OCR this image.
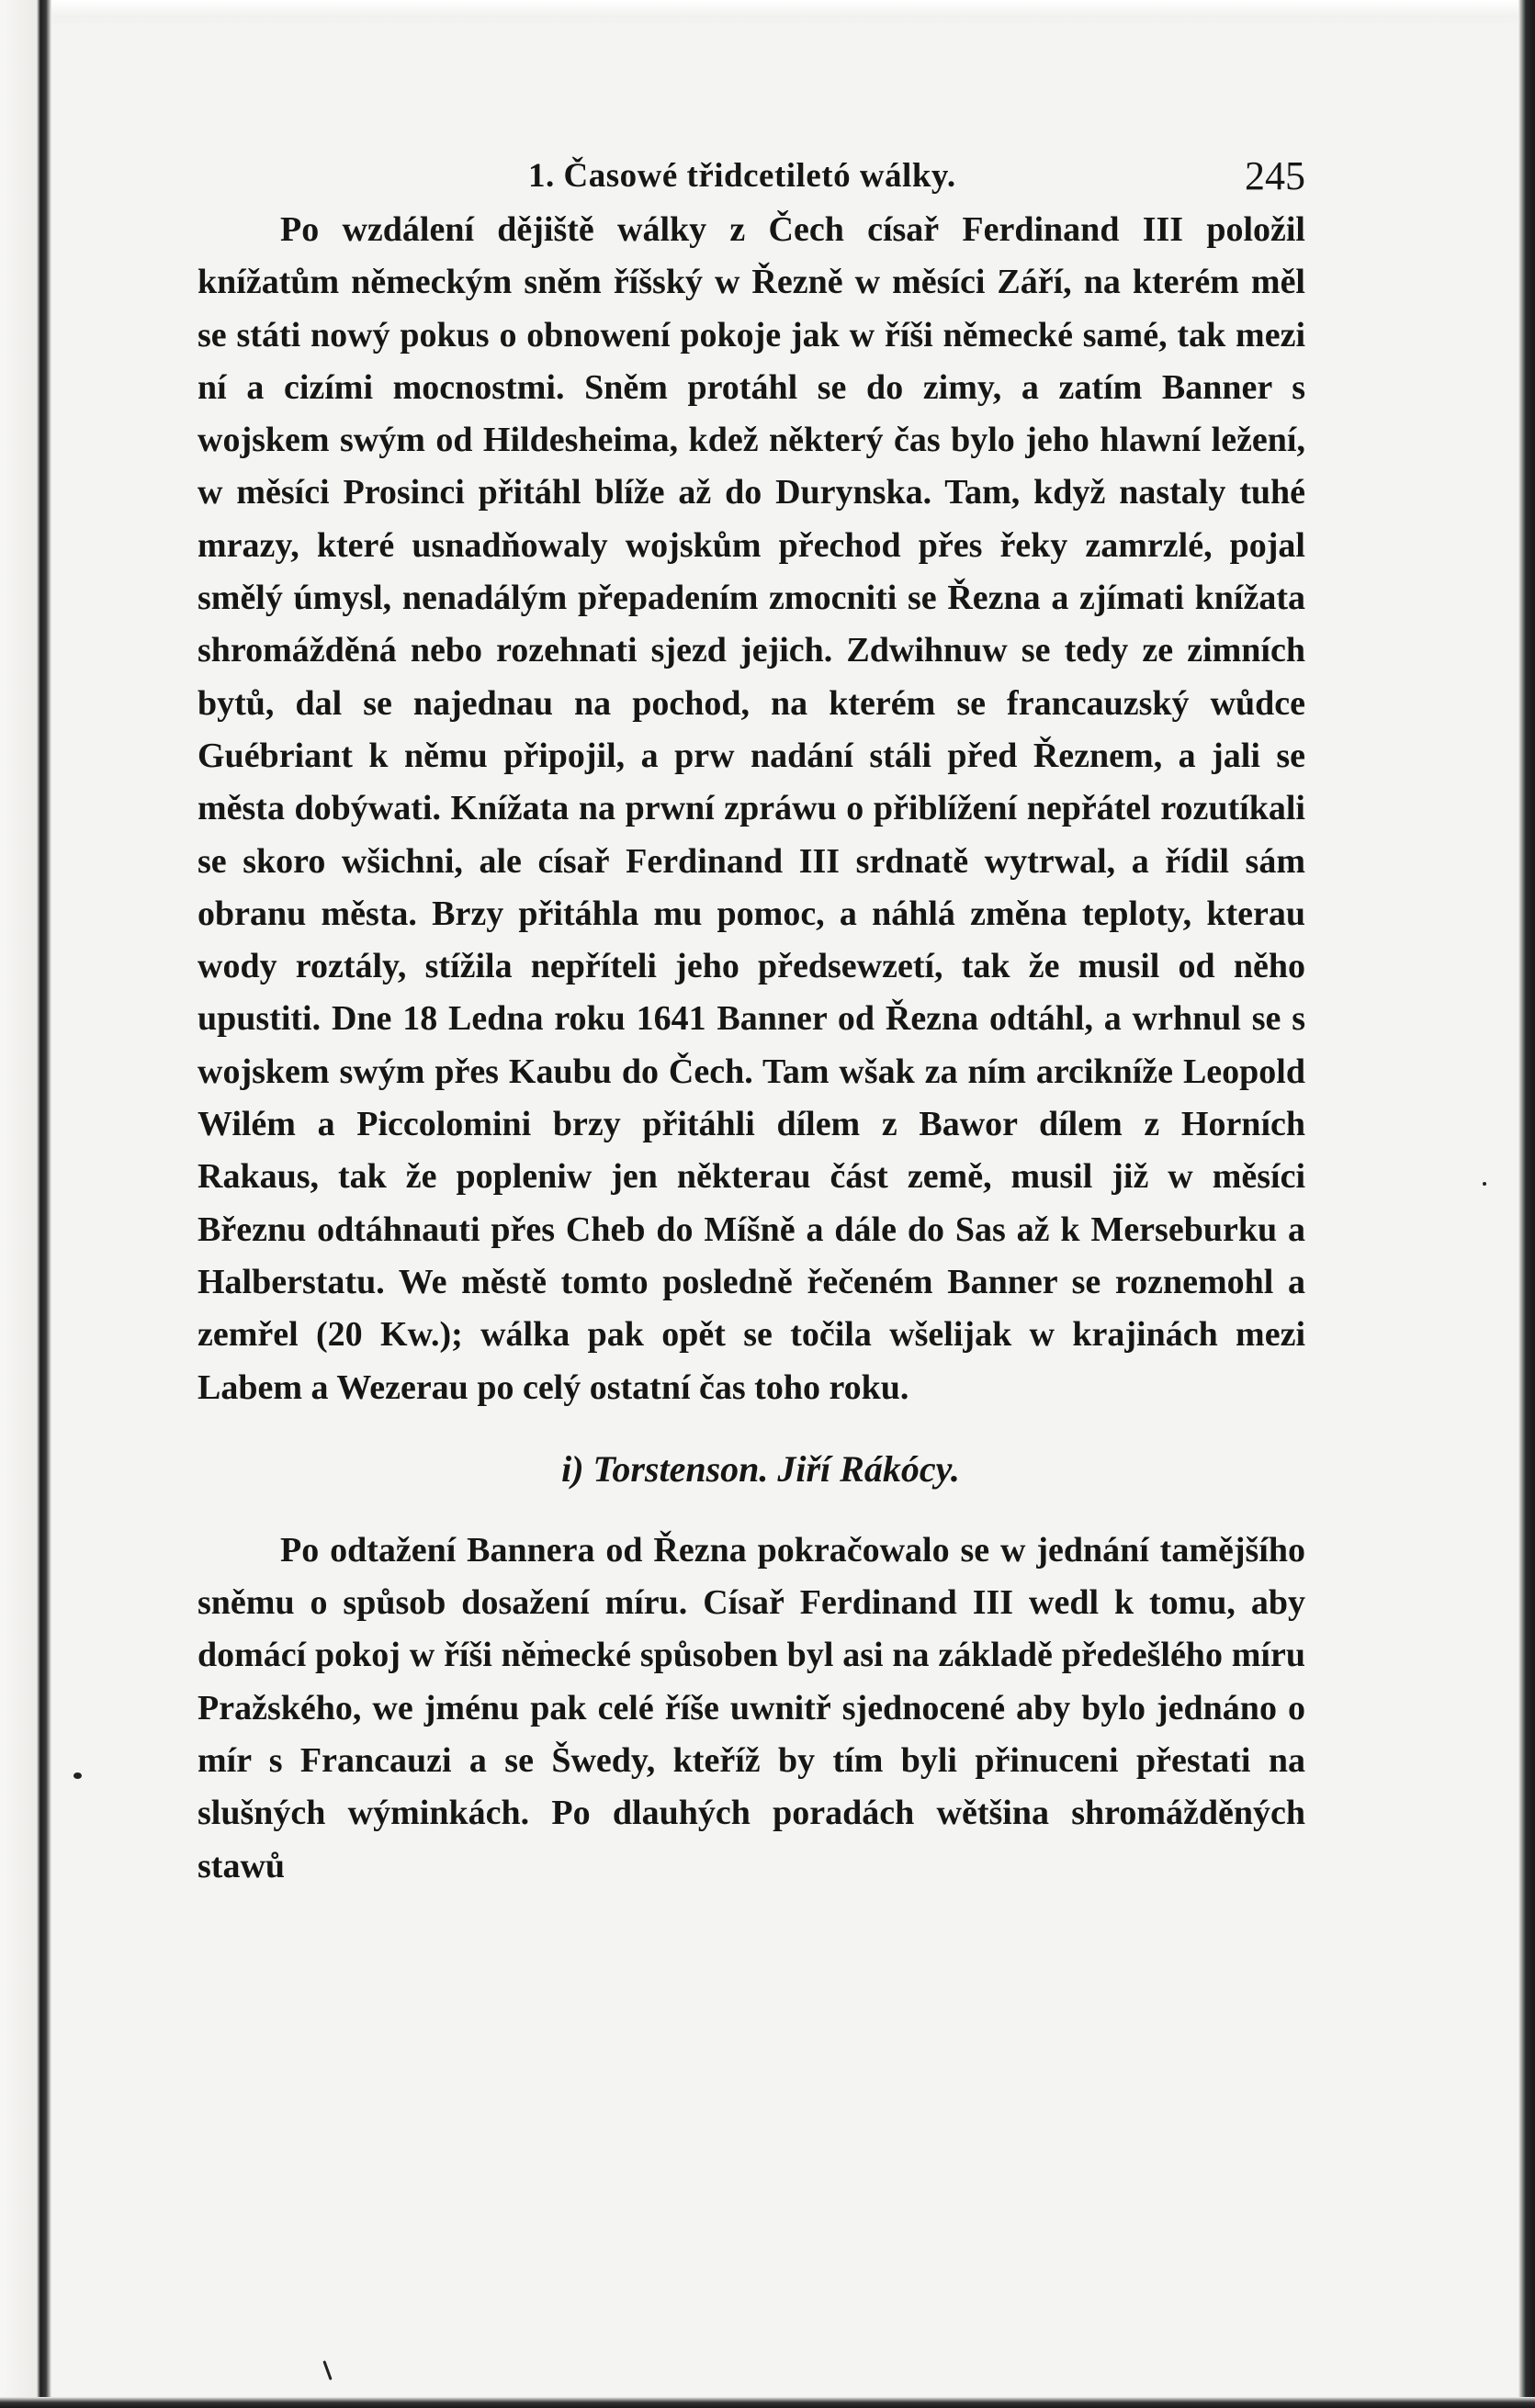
1. Časowé třidcetiletó wálky.	245

Po wzdálení dějiště wálky z Čech císař Ferdinand III položil knížatům německým sněm říšský w Řezně w měsíci Září, na kterém měl se státi nowý pokus o obnowení pokoje jak w říši německé samé, tak mezi ní a cizími mocnostmi. Sněm protáhl se do zimy, a zatím Banner s wojskem swým od Hildesheima, kdež některý čas bylo jeho hlawní ležení, w měsíci Prosinci přitáhl blíže až do Durynska. Tam, když nastaly tuhé mrazy, které usnadňowaly wojskům přechod přes řeky zamrzlé, pojal smělý úmysl, nenadálým přepadením zmocniti se Řezna a zjímati knížata shromážděná nebo rozehnati sjezd jejich. Zdwihnuw se tedy ze zimních bytů, dal se najednau na pochod, na kterém se francauzský wůdce Guébriant k němu připojil, a prw nadání stáli před Řeznem, a jali se města dobýwati. Knížata na prwní zpráwu o přiblížení nepřátel rozutíkali se skoro wšichni, ale císař Ferdinand III srdnatě wytrwal, a řídil sám obranu města. Brzy přitáhla mu pomoc, a náhlá změna teploty, kterau wody roztály, stížila nepříteli jeho předsewzetí, tak že musil od něho upustiti. Dne 18 Ledna roku 1641 Banner od Řezna odtáhl, a wrhnul se s wojskem swým přes Kaubu do Čech. Tam wšak za ním arcikníže Leopold Wilém a Piccolomini brzy přitáhli dílem z Bawor dílem z Horních Rakaus, tak že popleniw jen některau část země, musil již w měsíci Březnu odtáhnauti přes Cheb do Míšně a dále do Sas až k Merseburku a Halberstatu. We městě tomto posledně řečeném Banner se roznemohl a zemřel (20 Kw.); wálka pak opět se točila wšelijak w krajinách mezi Labem a Wezerau po celý ostatní čas toho roku.

i) Torstenson. Jiří Rákócy.

Po odtažení Bannera od Řezna pokračowalo se w jednání tamějšího sněmu o spůsob dosažení míru. Císař Ferdinand III wedl k tomu, aby domácí pokoj w říši německé spůsoben byl asi na základě předešlého míru Pražského, we jménu pak celé říše uwnitř sjednocené aby bylo jednáno o mír s Francauzi a se Šwedy, kteříž by tím byli přinuceni přestati na slušných wýminkách. Po dlauhých poradách wětšina shromážděných stawů
